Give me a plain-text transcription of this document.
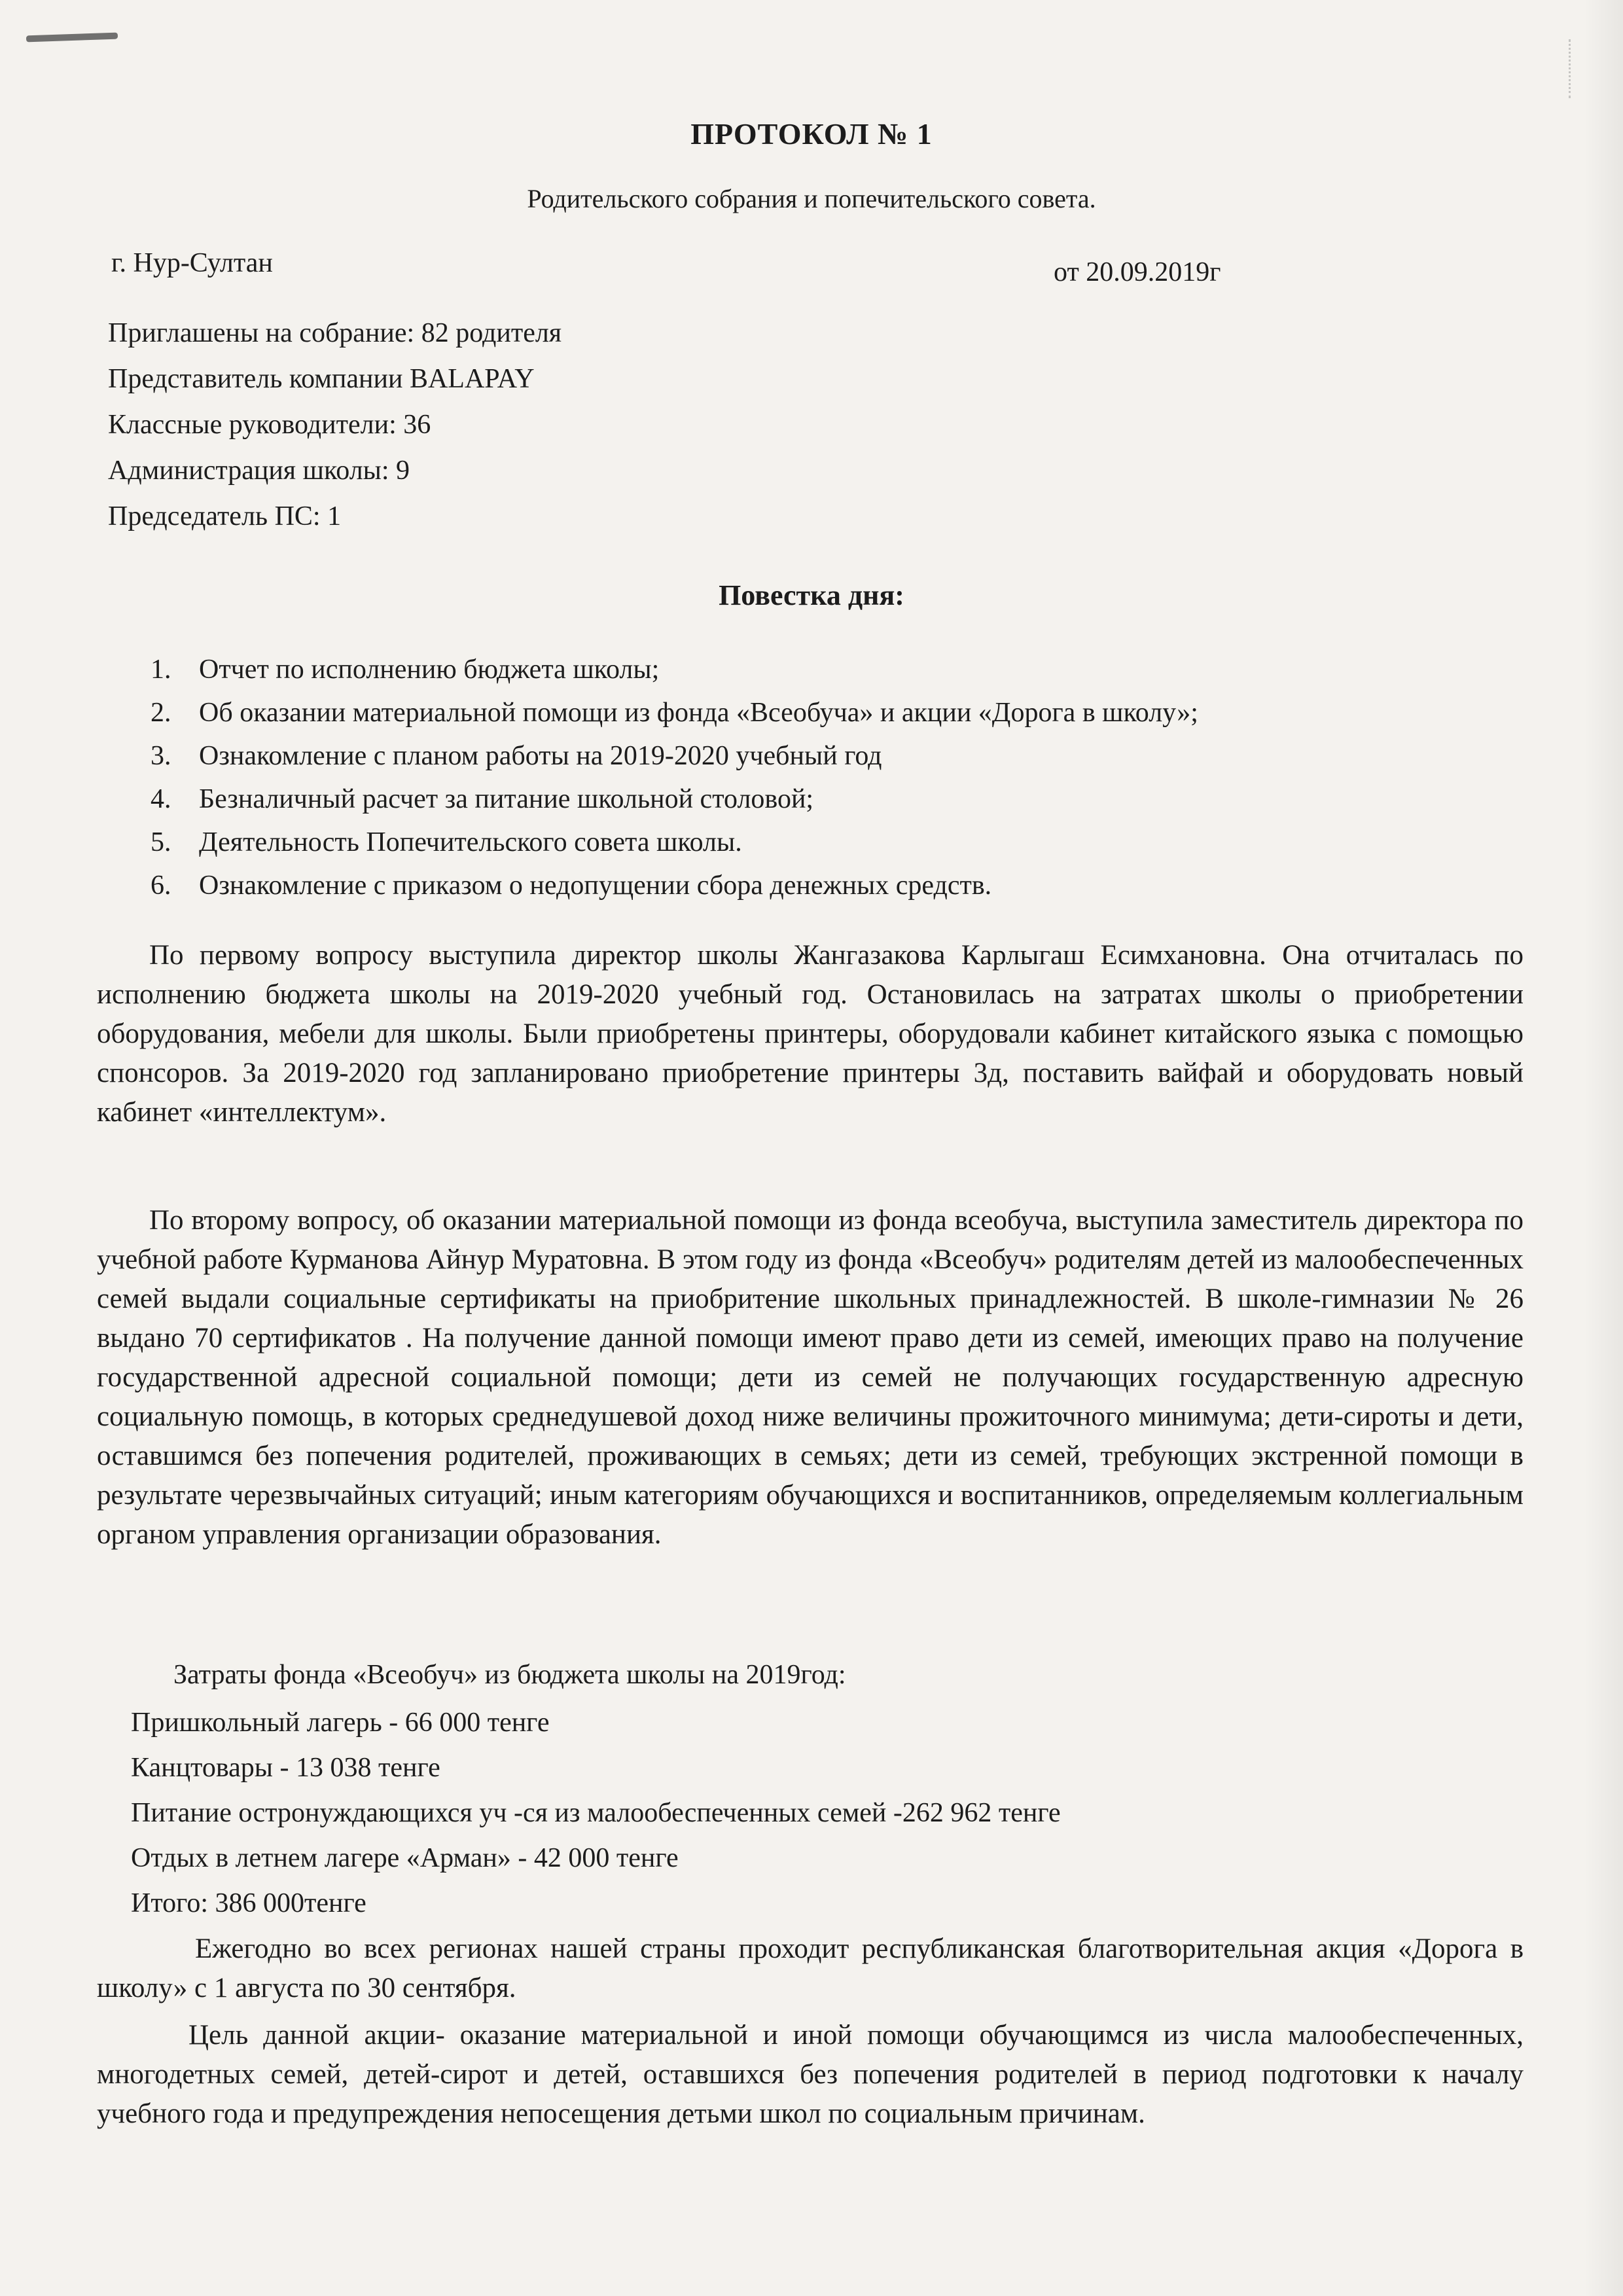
ПРОТОКОЛ № 1
Родительского собрания и попечительского совета.
г. Нур-Султан	от 20.09.2019г
Приглашены на собрание: 82 родителя
Представитель компании BALAPAY
Классные руководители: 36
Администрация школы: 9
Председатель ПС: 1
Повестка дня:
1. Отчет по исполнению бюджета школы;
2. Об оказании материальной помощи из фонда «Всеобуча» и акции «Дорога в школу»;
3. Ознакомление с планом работы на 2019-2020 учебный год
4. Безналичный расчет за питание школьной столовой;
5. Деятельность Попечительского совета школы.
6. Ознакомление с приказом о недопущении сбора денежных средств.

По первому вопросу выступила директор школы Жангазакова Карлыгаш Есимхановна. Она отчиталась по исполнению бюджета школы на 2019-2020 учебный год. Остановилась на затратах школы о приобретении оборудования, мебели для школы. Были приобретены принтеры, оборудовали кабинет китайского языка с помощью спонсоров. За 2019-2020 год запланировано приобретение принтеры 3д, поставить вайфай и оборудовать новый кабинет «интеллектум».

По второму вопросу, об оказании материальной помощи из фонда всеобуча, выступила заместитель директора по учебной работе Курманова Айнур Муратовна. В этом году из фонда «Всеобуч» родителям детей из малообеспеченных семей выдали социальные сертификаты на приобритение школьных принадлежностей. В школе-гимназии № 26 выдано 70 сертификатов . На получение данной помощи имеют право дети из семей, имеющих право на получение государственной адресной социальной помощи; дети из семей не получающих государственную адресную социальную помощь, в которых среднедушевой доход ниже величины прожиточного минимума; дети-сироты и дети, оставшимся без попечения родителей, проживающих в семьях; дети из семей, требующих экстренной помощи в результате черезвычайных ситуаций; иным категориям обучающихся и воспитанников, определяемым коллегиальным органом управления организации образования.

Затраты фонда «Всеобуч» из бюджета школы на 2019год:
Пришкольный лагерь - 66 000 тенге
Канцтовары - 13 038 тенге
Питание остронуждающихся уч -ся из малообеспеченных семей -262 962 тенге
Отдых в летнем лагере «Арман» - 42 000 тенге
Итого: 386 000тенге

Ежегодно во всех регионах нашей страны проходит республиканская благотворительная акция «Дорога в школу» с 1 августа по 30 сентября.

Цель данной акции- оказание материальной и иной помощи обучающимся из числа малообеспеченных, многодетных семей, детей-сирот и детей, оставшихся без попечения родителей в период подготовки к началу учебного года и предупреждения непосещения детьми школ по социальным причинам.
